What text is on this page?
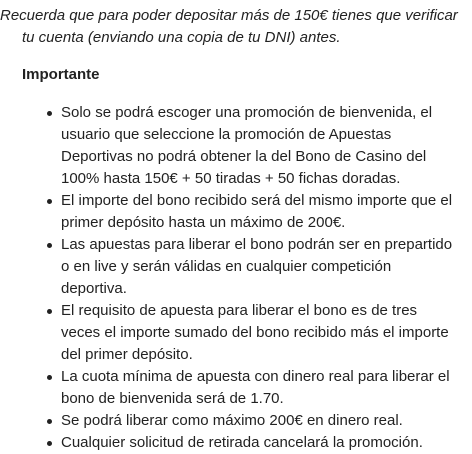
Recuerda que para poder depositar más de 150€ tienes que verificar tu cuenta (enviando una copia de tu DNI) antes.

Importante

Solo se podrá escoger una promoción de bienvenida, el usuario que seleccione la promoción de Apuestas Deportivas no podrá obtener la del Bono de Casino del 100% hasta 150€ + 50 tiradas + 50 fichas doradas.
El importe del bono recibido será del mismo importe que el primer depósito hasta un máximo de 200€.
Las apuestas para liberar el bono podrán ser en prepartido o en live y serán válidas en cualquier competición deportiva.
El requisito de apuesta para liberar el bono es de tres veces el importe sumado del bono recibido más el importe del primer depósito.
La cuota mínima de apuesta con dinero real para liberar el bono de bienvenida será de 1.70.
Se podrá liberar como máximo 200€ en dinero real.
Cualquier solicitud de retirada cancelará la promoción.
